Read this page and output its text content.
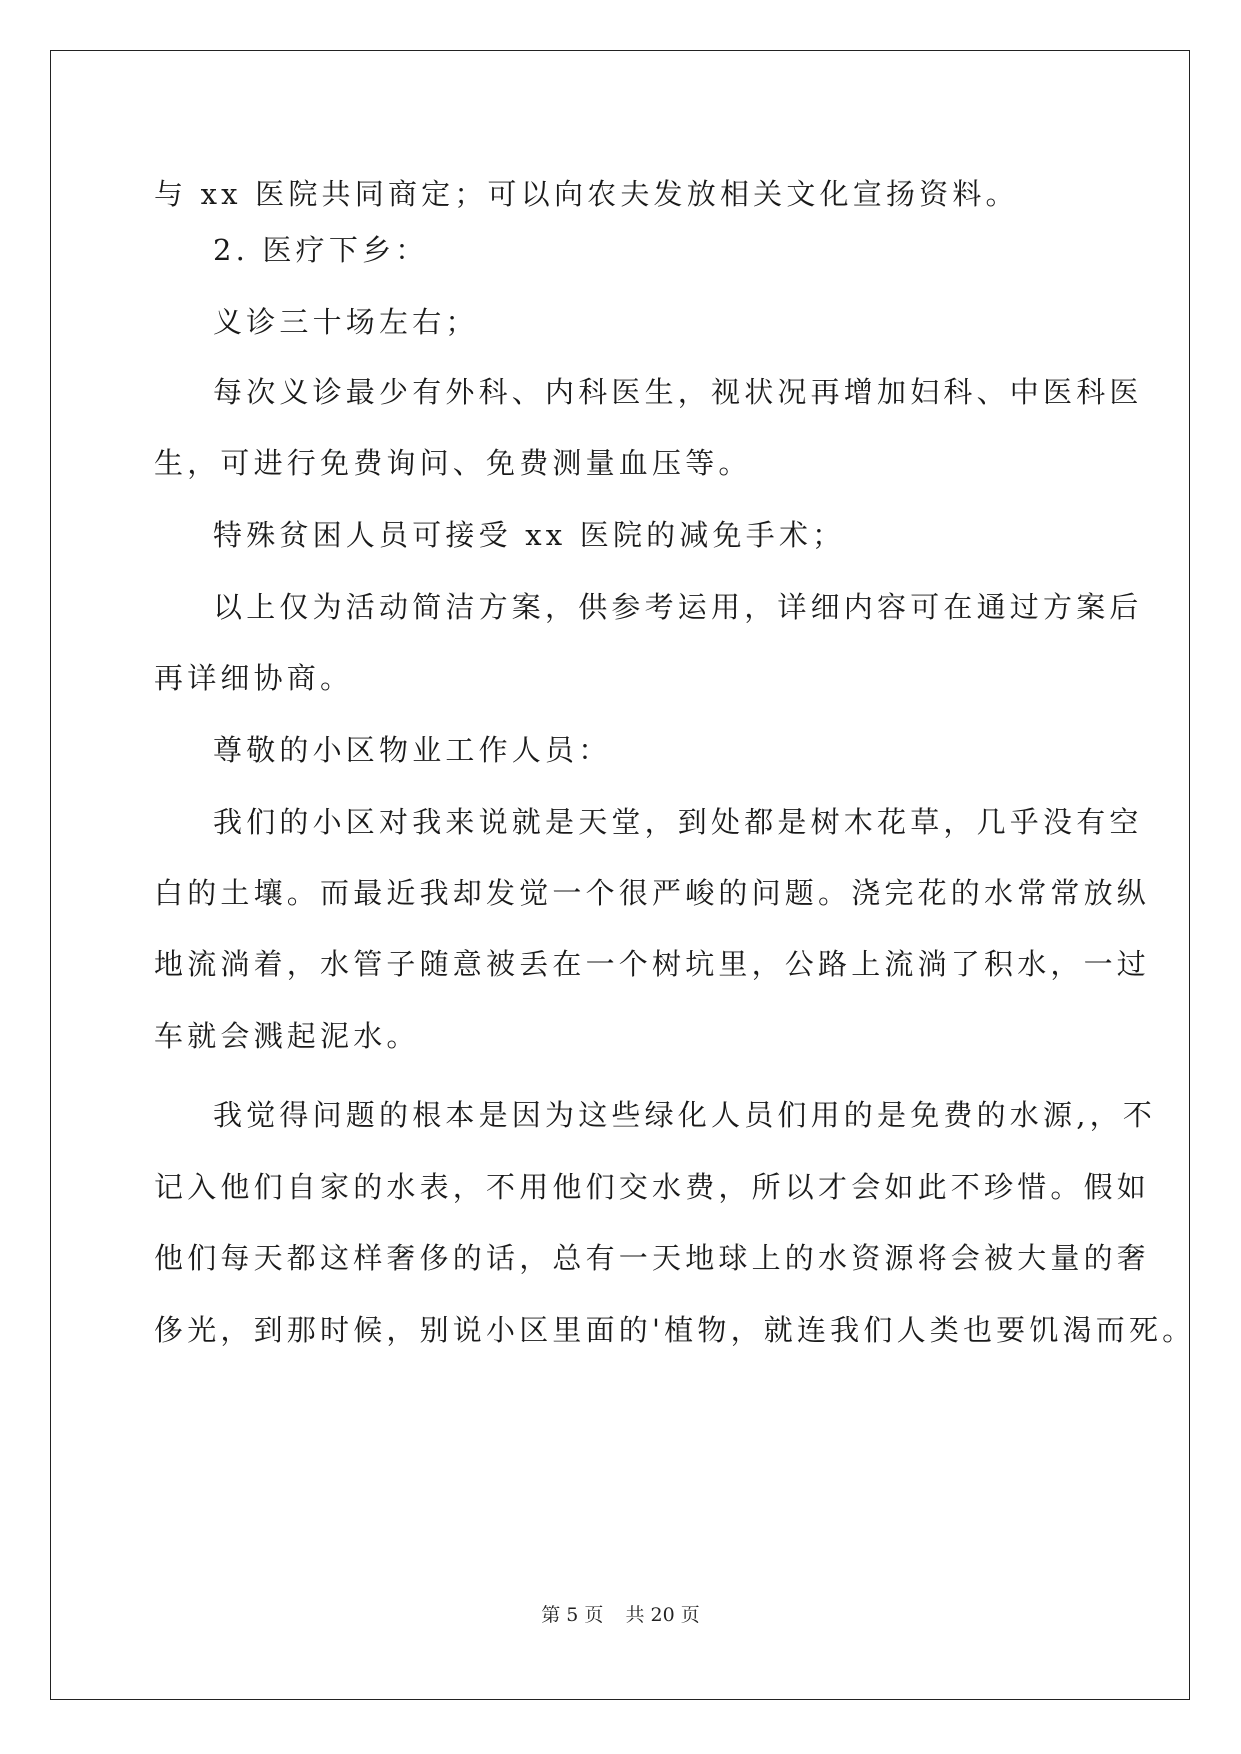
与 xx 医院共同商定；可以向农夫发放相关文化宣扬资料。
2. 医疗下乡：
义诊三十场左右；
每次义诊最少有外科、内科医生，视状况再增加妇科、中医科医
生，可进行免费询问、免费测量血压等。
特殊贫困人员可接受 xx 医院的减免手术；
以上仅为活动简洁方案，供参考运用，详细内容可在通过方案后
再详细协商。
尊敬的小区物业工作人员：
我们的小区对我来说就是天堂，到处都是树木花草，几乎没有空
白的土壤。而最近我却发觉一个很严峻的问题。浇完花的水常常放纵
地流淌着，水管子随意被丢在一个树坑里，公路上流淌了积水，一过
车就会溅起泥水。
我觉得问题的根本是因为这些绿化人员们用的是免费的水源,，不
记入他们自家的水表，不用他们交水费，所以才会如此不珍惜。假如
他们每天都这样奢侈的话，总有一天地球上的水资源将会被大量的奢
侈光，到那时候，别说小区里面的'植物，就连我们人类也要饥渴而死。
第 5 页 共 20 页
